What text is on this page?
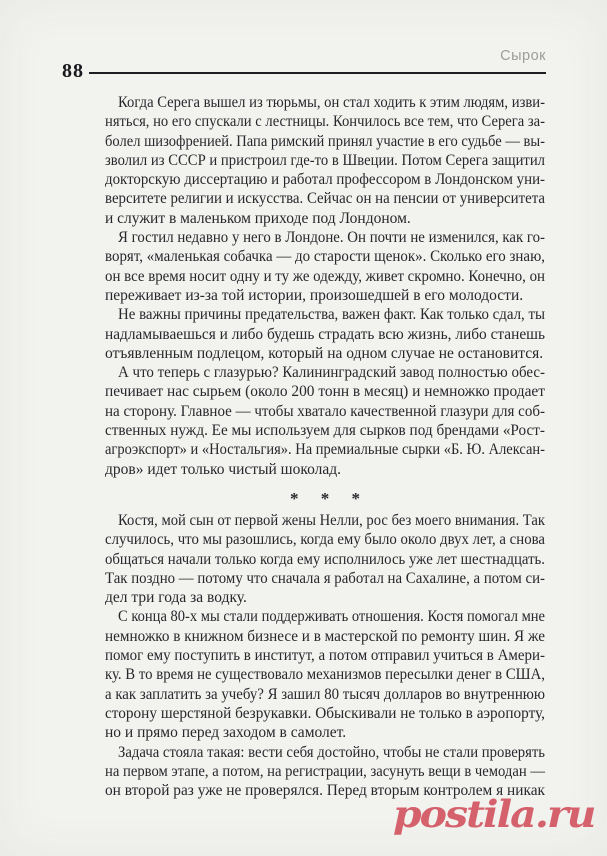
88
Сырок
Когда Серега вышел из тюрьмы, он стал ходить к этим людям, изви-
няться, но его спускали с лестницы. Кончилось все тем, что Серега за-
болел шизофренией. Папа римский принял участие в его судьбе — вы-
зволил из СССР и пристроил где-то в Швеции. Потом Серега защитил
докторскую диссертацию и работал профессором в Лондонском уни-
верситете религии и искусства. Сейчас он на пенсии от университета
и служит в маленьком приходе под Лондоном.
Я гостил недавно у него в Лондоне. Он почти не изменился, как го-
ворят, «маленькая собачка — до старости щенок». Сколько его знаю,
он все время носит одну и ту же одежду, живет скромно. Конечно, он
переживает из-за той истории, произошедшей в его молодости.
Не важны причины предательства, важен факт. Как только сдал, ты
надламываешься и либо будешь страдать всю жизнь, либо станешь
отъявленным подлецом, который на одном случае не остановится.
А что теперь с глазурью? Калининградский завод полностью обес-
печивает нас сырьем (около 200 тонн в месяц) и немножко продает
на сторону. Главное — чтобы хватало качественной глазури для соб-
ственных нужд. Ее мы используем для сырков под брендами «Рост-
агроэкспорт» и «Ностальгия». На премиальные сырки «Б. Ю. Алексан-
дров» идет только чистый шоколад.
* * *
Костя, мой сын от первой жены Нелли, рос без моего внимания. Так
случилось, что мы разошлись, когда ему было около двух лет, а снова
общаться начали только когда ему исполнилось уже лет шестнадцать.
Так поздно — потому что сначала я работал на Сахалине, а потом си-
дел три года за водку.
С конца 80-х мы стали поддерживать отношения. Костя помогал мне
немножко в книжном бизнесе и в мастерской по ремонту шин. Я же
помог ему поступить в институт, а потом отправил учиться в Амери-
ку. В то время не существовало механизмов пересылки денег в США,
а как заплатить за учебу? Я зашил 80 тысяч долларов во внутреннюю
сторону шерстяной безрукавки. Обыскивали не только в аэропорту,
но и прямо перед заходом в самолет.
Задача стояла такая: вести себя достойно, чтобы не стали проверять
на первом этапе, а потом, на регистрации, засунуть вещи в чемодан —
он второй раз уже не проверялся. Перед вторым контролем я никак
postila.ru
